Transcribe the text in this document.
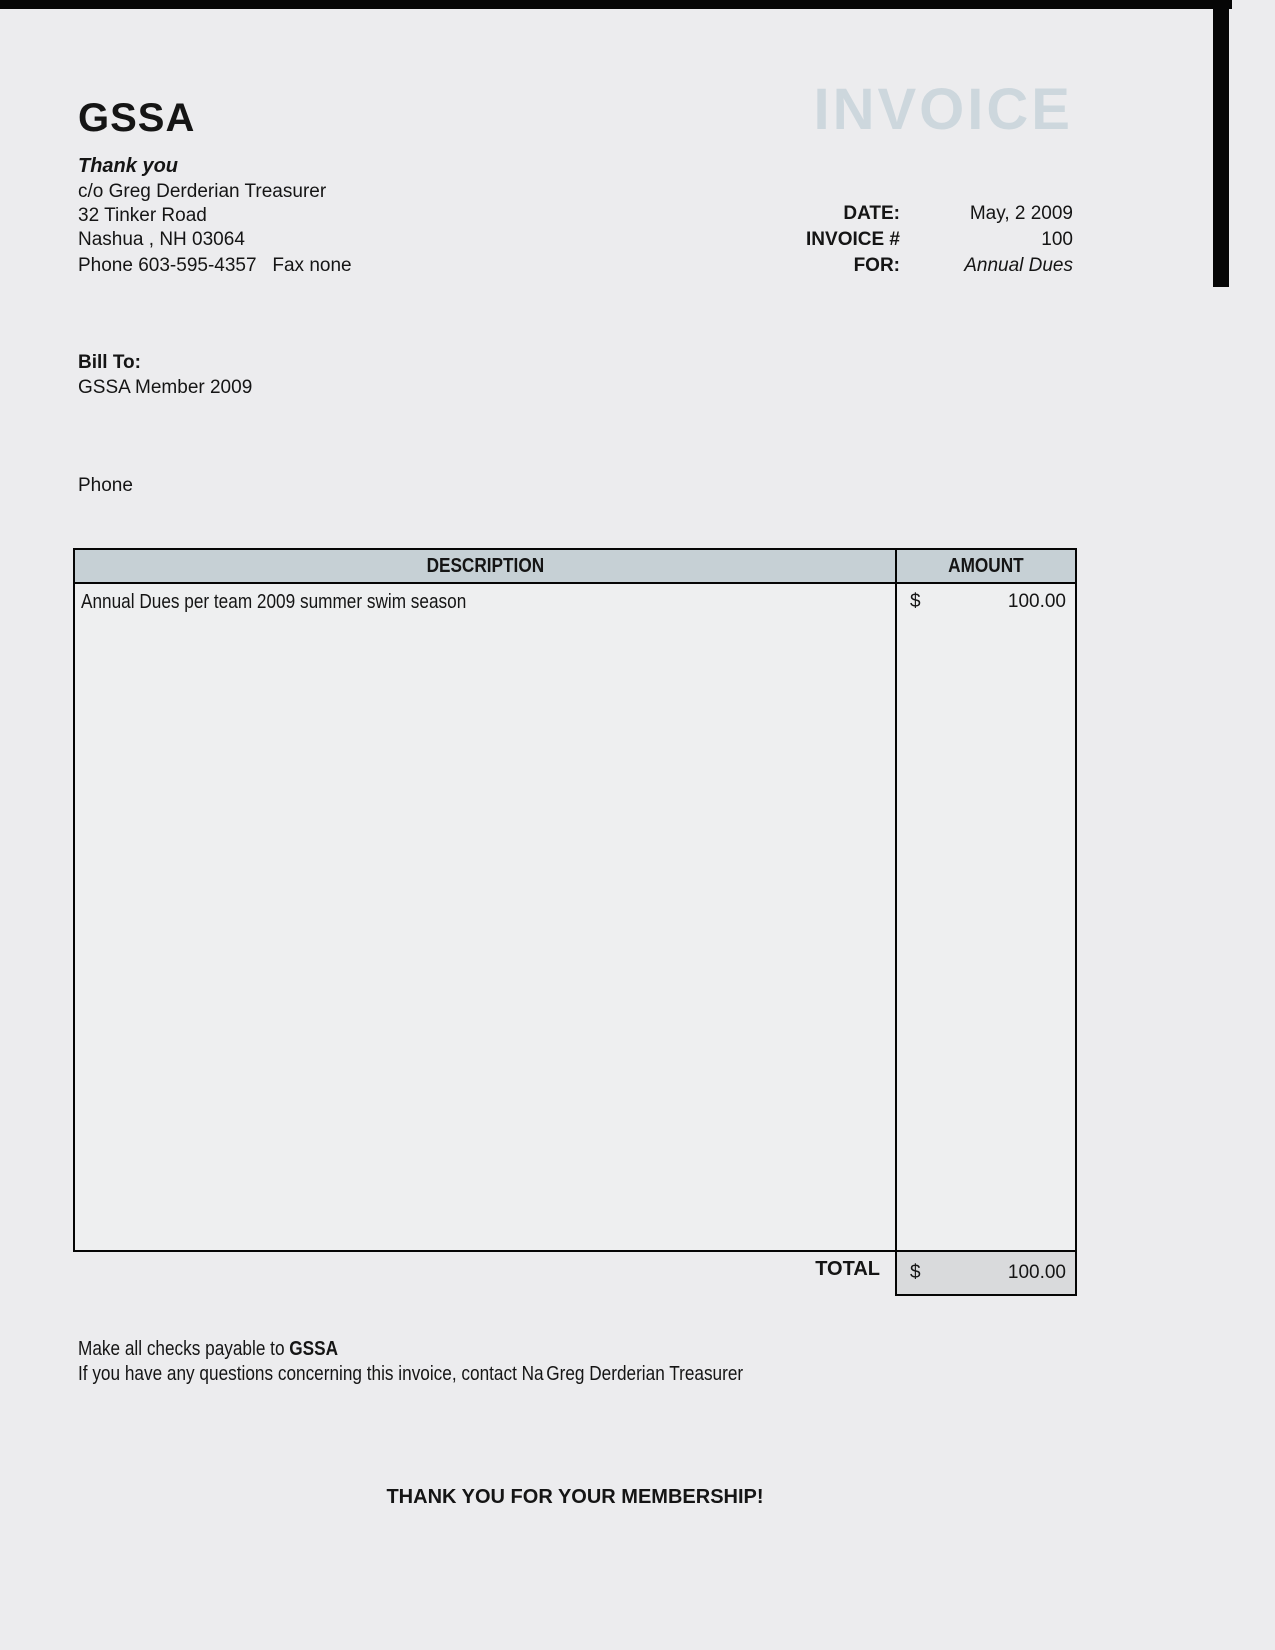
GSSA	INVOICE
Thank you
c/o Greg Derderian Treasurer
32 Tinker Road
Nashua , NH 03064
Phone 603-595-4357   Fax none
DATE:	May, 2 2009
INVOICE #	100
FOR:	Annual Dues
Bill To:
GSSA Member 2009
Phone
DESCRIPTION	AMOUNT
Annual Dues per team 2009 summer swim season	$	100.00
TOTAL $	100.00
Make all checks payable to GSSA
If you have any questions concerning this invoice, contact Na Greg Derderian Treasurer
THANK YOU FOR YOUR MEMBERSHIP!
